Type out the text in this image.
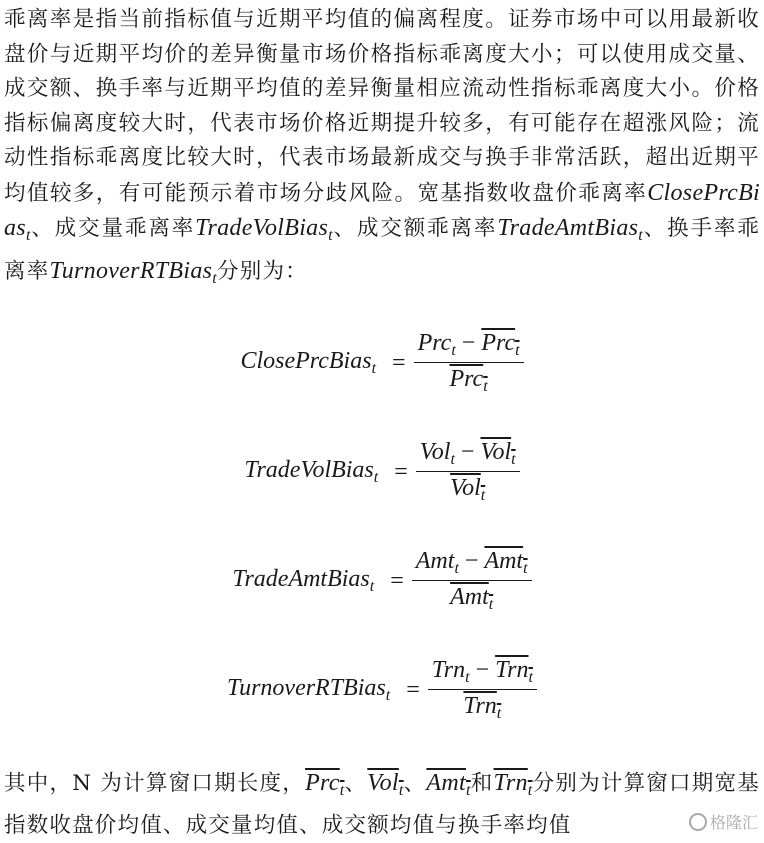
乖离率是指当前指标值与近期平均值的偏离程度。证券市场中可以用最新收盘价与近期平均价的差异衡量市场价格指标乖离度大小；可以使用成交量、成交额、换手率与近期平均值的差异衡量相应流动性指标乖离度大小。价格指标偏离度较大时，代表市场价格近期提升较多，有可能存在超涨风险；流动性指标乖离度比较大时，代表市场最新成交与换手非常活跃，超出近期平均值较多，有可能预示着市场分歧风险。宽基指数收盘价乖离率ClosePrcBias$_t$、成交量乖离率TradeVolBias$_t$、成交额乖离率TradeAmtBias$_t$、换手率乖离率TurnoverRTBias$_t$分别为：
ClosePrcBias$_t$ = $\frac{Prc_t - Prc_t}{Prc_t}$
TradeVolBias$_t$ = $\frac{Vol_t - Vol_t}{Vol_t}$
TradeAmtBias$_t$ = $\frac{Amt_t - Amt_t}{Amt_t}$
TurnoverRTBias$_t$ = $\frac{Trn_t - Trn_t}{Trn_t}$
其中，N 为计算窗口期长度，Prc$_t$、Vol$_t$、Amt$_t$和Trn$_t$分别为计算窗口期宽基指数收盘价均值、成交量均值、成交额均值与换手率均值	格隆汇
